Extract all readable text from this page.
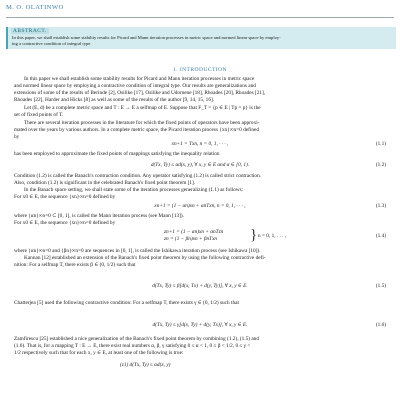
M. O. OLATINWO
ABSTRACT.
In this paper, we shall establish some stability results for Picard and Mann iteration processes in metric space and normed linear space by employ-
ing a contractive condition of integral type.
1. INTRODUCTION
In this paper we shall establish some stability results for Picard and Mann iteration processes in metric space
and normed linear space by employing a contractive condition of integral type. Our results are generalizations and
extensions of some of the results of Berinde [2], Osilike [17], Osilike and Udomene [18], Rhoades [20], Rhoades [21],
Rhoades [22], Harder and Hicks [8] as well as some of the results of the author [9, 14, 15, 16].
Let (E, d) be a complete metric space and T : E → E a selfmap of E. Suppose that F_T = {p ∈ E | Tp = p} is the
set of fixed points of T.
There are several iteration processes in the literature for which the fixed points of operators have been approxi-
mated over the years by various authors. In a complete metric space, the Picard iteration process {xn}∞n=0 defined
by
xn+1 = Txn, n = 0, 1, · · · ,	(1.1)
has been employed to approximate the fixed points of mappings satisfying the inequality relation
d(Tx, Ty) ≤ αd(x, y), ∀ x, y ∈ E and α ∈ [0, 1).	(1.2)
Condition (1.2) is called the Banach's contraction condition. Any operator satisfying (1.2) is called strict contraction.
Also, condition (1.2) is significant in the celebrated Banach's fixed point theorem [1].
In the Banach space setting, we shall state some of the iteration processes generalizing (1.1) as follows:
For x0 ∈ E, the sequence {xn}∞n=0 defined by
xn+1 = (1 − αn)xn + αnTxn, n = 0, 1, · · · ,	(1.3)
where {αn}∞n=0 ⊂ [0, 1], is called the Mann iteration process (see Mann [13]).
For x0 ∈ E, the sequence {xn}∞n=0 defined by
zn+1 = (1 − αn)xn + αnTzn
zn = (1 − βn)xn + βnTxn	} n = 0, 1, . . . ,	(1.4)
where {αn}∞n=0 and {βn}∞n=0 are sequences in [0, 1], is called the Ishikawa iteration process (see Ishikawa [10]).
Kannan [12] established an extension of the Banach's fixed point theorem by using the following contractive defi-
nition: For a selfmap T, there exists β ∈ (0, 1/2) such that
d(Tx, Ty) ≤ β[d(x, Tx) + d(y, Ty)], ∀ x, y ∈ E.	(1.5)
Chatterjea [5] used the following contractive condition: For a selfmap T, there exists γ ∈ (0, 1/2) such that
d(Tx, Ty) ≤ γ[d(x, Ty) + d(y, Tx)], ∀ x, y ∈ E.	(1.6)
Zamfirescu [25] established a nice generalization of the Banach's fixed point theorem by combining (1.2), (1.5) and
(1.6). That is, for a mapping T : E → E, there exist real numbers α, β, γ satisfying 0 ≤ α < 1, 0 ≤ β < 1/2, 0 ≤ γ <
1/2 respectively such that for each x, y ∈ E, at least one of the following is true:
(z1) d(Tx, Ty) ≤ αd(x, y)
